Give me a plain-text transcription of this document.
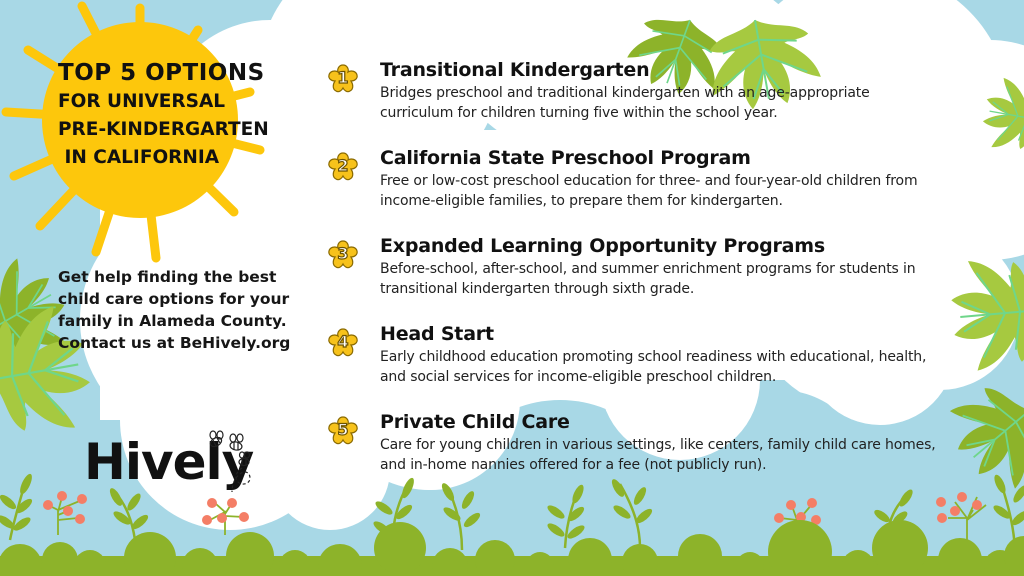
TOP 5 OPTIONS
FOR UNIVERSAL
PRE-KINDERGARTEN
IN CALIFORNIA
Get help finding the best child care options for your family in Alameda County. Contact us at BeHively.org
Hively
1	Transitional Kindergarten
Bridges preschool and traditional kindergarten with an age-appropriate curriculum for children turning five within the school year.
2	California State Preschool Program
Free or low-cost preschool education for three- and four-year-old children from income-eligible families, to prepare them for kindergarten.
3	Expanded Learning Opportunity Programs
Before-school, after-school, and summer enrichment programs for students in transitional kindergarten through sixth grade.
4	Head Start
Early childhood education promoting school readiness with educational, health, and social services for income-eligible preschool children.
5	Private Child Care
Care for young children in various settings, like centers, family child care homes, and in-home nannies offered for a fee (not publicly run).
